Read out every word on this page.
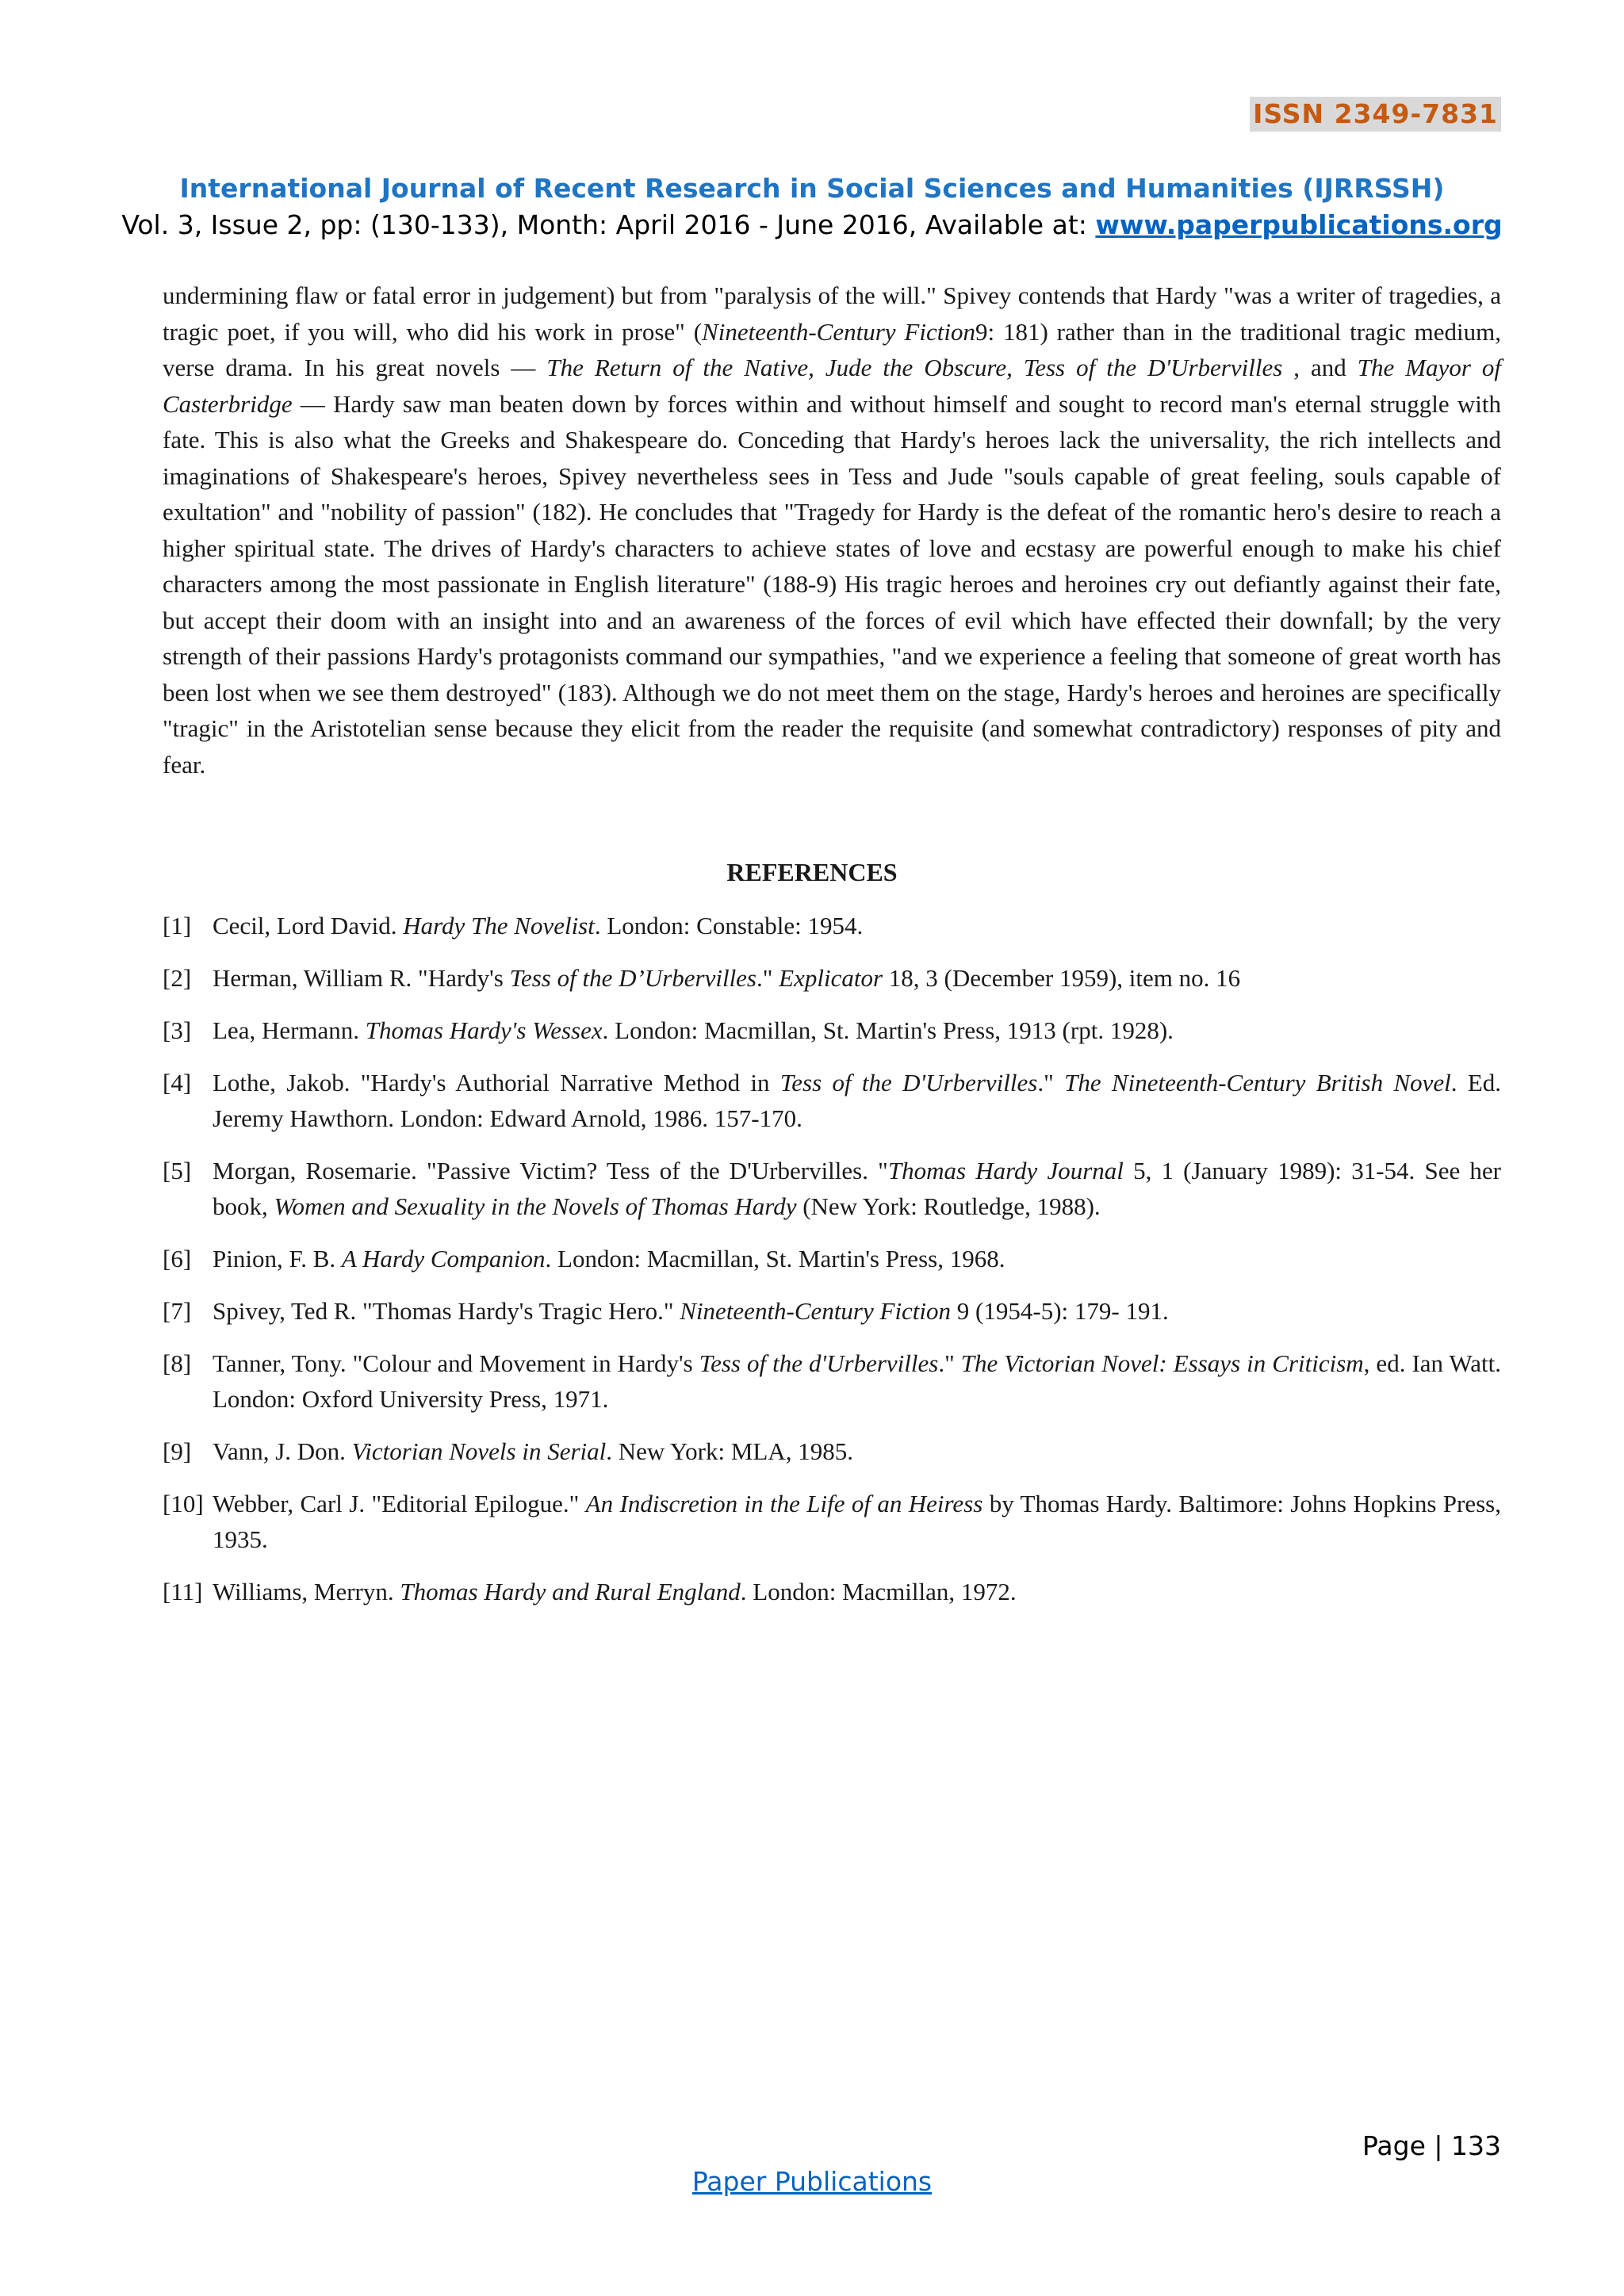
ISSN 2349-7831
International Journal of Recent Research in Social Sciences and Humanities (IJRRSSH)
Vol. 3, Issue 2, pp: (130-133), Month: April 2016 - June 2016, Available at: www.paperpublications.org
undermining flaw or fatal error in judgement) but from "paralysis of the will." Spivey contends that Hardy "was a writer of tragedies, a tragic poet, if you will, who did his work in prose" (Nineteenth-Century Fiction9: 181) rather than in the traditional tragic medium, verse drama. In his great novels — The Return of the Native, Jude the Obscure, Tess of the D'Urbervilles , and The Mayor of Casterbridge — Hardy saw man beaten down by forces within and without himself and sought to record man's eternal struggle with fate. This is also what the Greeks and Shakespeare do. Conceding that Hardy's heroes lack the universality, the rich intellects and imaginations of Shakespeare's heroes, Spivey nevertheless sees in Tess and Jude "souls capable of great feeling, souls capable of exultation" and "nobility of passion" (182). He concludes that "Tragedy for Hardy is the defeat of the romantic hero's desire to reach a higher spiritual state. The drives of Hardy's characters to achieve states of love and ecstasy are powerful enough to make his chief characters among the most passionate in English literature" (188-9) His tragic heroes and heroines cry out defiantly against their fate, but accept their doom with an insight into and an awareness of the forces of evil which have effected their downfall; by the very strength of their passions Hardy's protagonists command our sympathies, "and we experience a feeling that someone of great worth has been lost when we see them destroyed" (183). Although we do not meet them on the stage, Hardy's heroes and heroines are specifically "tragic" in the Aristotelian sense because they elicit from the reader the requisite (and somewhat contradictory) responses of pity and fear.
REFERENCES
[1] Cecil, Lord David. Hardy The Novelist. London: Constable: 1954.
[2] Herman, William R. "Hardy's Tess of the D’Urbervilles." Explicator 18, 3 (December 1959), item no. 16
[3] Lea, Hermann. Thomas Hardy's Wessex. London: Macmillan, St. Martin's Press, 1913 (rpt. 1928).
[4] Lothe, Jakob. "Hardy's Authorial Narrative Method in Tess of the D'Urbervilles." The Nineteenth-Century British Novel. Ed. Jeremy Hawthorn. London: Edward Arnold, 1986. 157-170.
[5] Morgan, Rosemarie. "Passive Victim? Tess of the D'Urbervilles. "Thomas Hardy Journal 5, 1 (January 1989): 31-54. See her book, Women and Sexuality in the Novels of Thomas Hardy (New York: Routledge, 1988).
[6] Pinion, F. B. A Hardy Companion. London: Macmillan, St. Martin's Press, 1968.
[7] Spivey, Ted R. "Thomas Hardy's Tragic Hero." Nineteenth-Century Fiction 9 (1954-5): 179- 191.
[8] Tanner, Tony. "Colour and Movement in Hardy's Tess of the d'Urbervilles." The Victorian Novel: Essays in Criticism, ed. Ian Watt. London: Oxford University Press, 1971.
[9] Vann, J. Don. Victorian Novels in Serial. New York: MLA, 1985.
[10] Webber, Carl J. "Editorial Epilogue." An Indiscretion in the Life of an Heiress by Thomas Hardy. Baltimore: Johns Hopkins Press, 1935.
[11] Williams, Merryn. Thomas Hardy and Rural England. London: Macmillan, 1972.
Page | 133
Paper Publications
